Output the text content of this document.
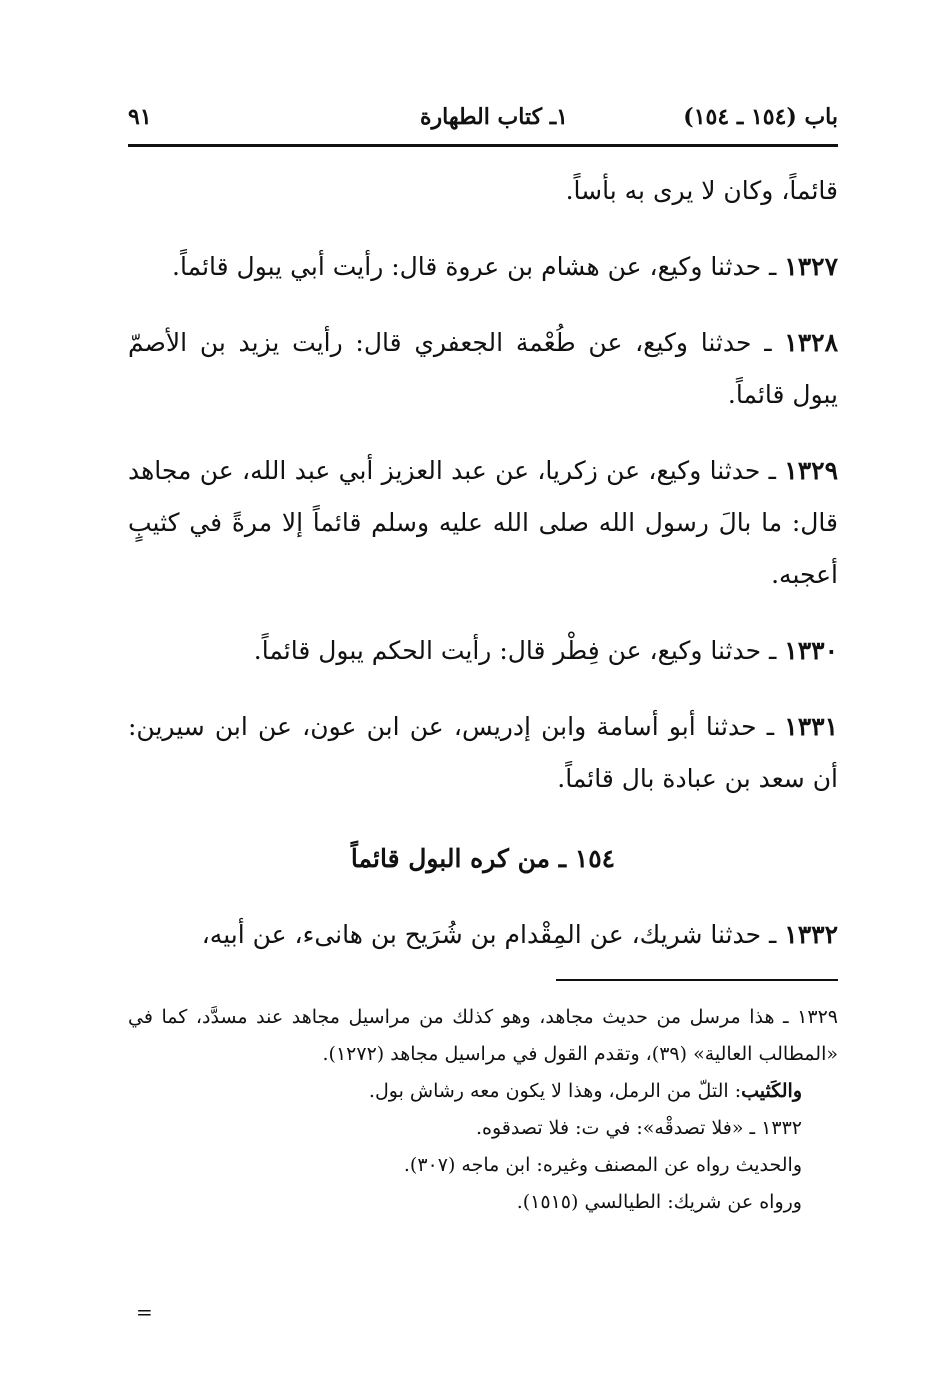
باب (١٥٤ ـ ١٥٤)
١ـ كتاب الطهارة
٩١

قائماً، وكان لا يرى به بأساً.

١٣٢٧ ـ حدثنا وكيع، عن هشام بن عروة قال: رأيت أبي يبول قائماً.

١٣٢٨ ـ حدثنا وكيع، عن طُعْمة الجعفري قال: رأيت يزيد بن الأصمّ يبول قائماً.

١٣٢٩ ـ حدثنا وكيع، عن زكريا، عن عبد العزيز أبي عبد الله، عن مجاهد قال: ما بالَ رسول الله صلى الله عليه وسلم قائماً إلا مرةً في كثيبٍ أعجبه.

١٣٣٠ ـ حدثنا وكيع، عن فِطْر قال: رأيت الحكم يبول قائماً.

١٣٣١ ـ حدثنا أبو أسامة وابن إدريس، عن ابن عون، عن ابن سيرين: أن سعد بن عبادة بال قائماً.

١٥٤ ـ من كره البول قائماً

١٣٣٢ ـ حدثنا شريك، عن المِقْدام بن شُرَيح بن هانىء، عن أبيه،

١٣٢٩ ـ هذا مرسل من حديث مجاهد، وهو كذلك من مراسيل مجاهد عند مسدَّد، كما في «المطالب العالية» (٣٩)، وتقدم القول في مراسيل مجاهد (١٢٧٢).
والكَثيب: التلّ من الرمل، وهذا لا يكون معه رشاش بول.
١٣٣٢ ـ «فلا تصدقْه»: في ت: فلا تصدقوه.
والحديث رواه عن المصنف وغيره: ابن ماجه (٣٠٧).
ورواه عن شريك: الطيالسي (١٥١٥).
=
